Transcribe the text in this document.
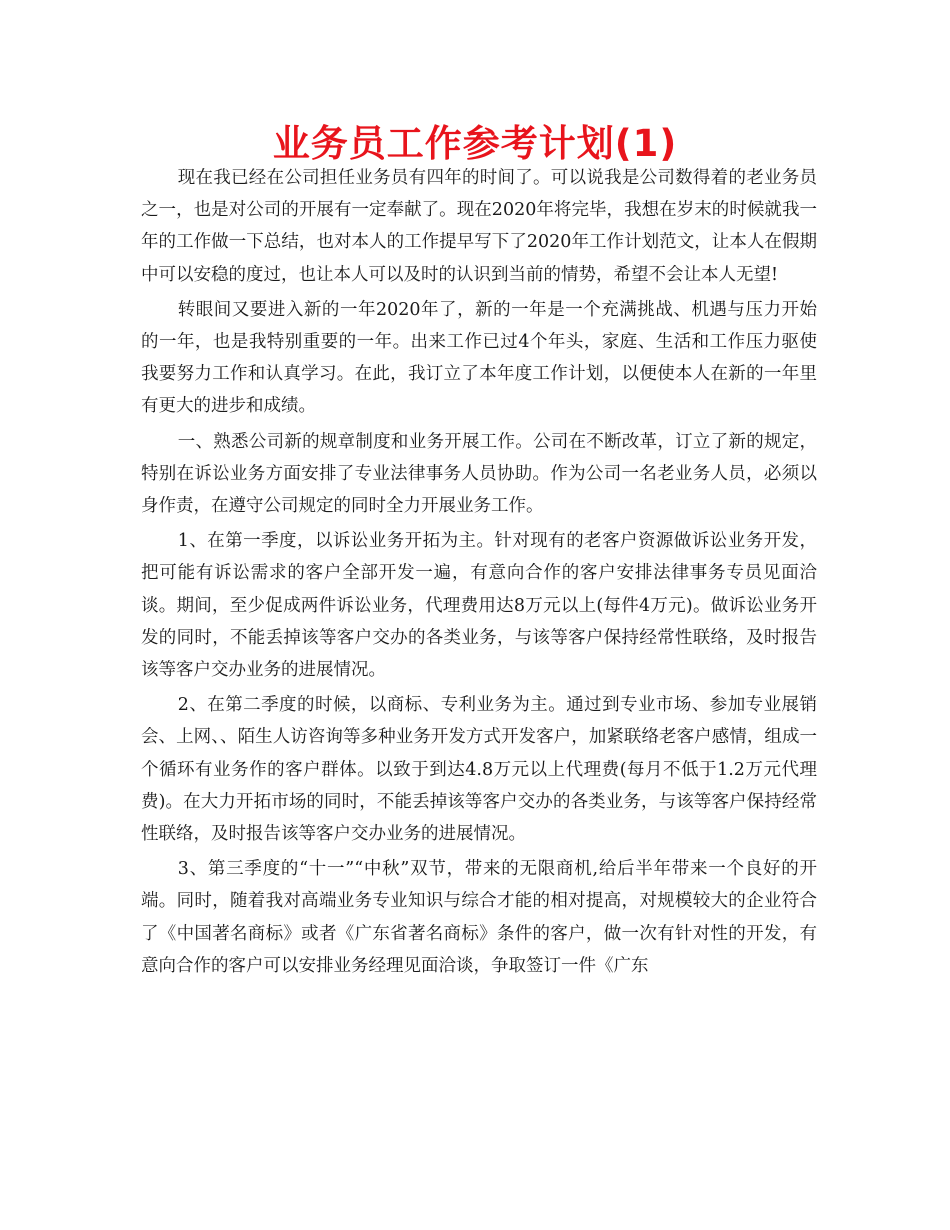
业务员工作参考计划(1)

现在我已经在公司担任业务员有四年的时间了。可以说我是公司数得着的老业务员之一，也是对公司的开展有一定奉献了。现在2020年将完毕，我想在岁末的时候就我一年的工作做一下总结，也对本人的工作提早写下了2020年工作计划范文，让本人在假期中可以安稳的度过，也让本人可以及时的认识到当前的情势，希望不会让本人无望!

转眼间又要进入新的一年2020年了，新的一年是一个充满挑战、机遇与压力开始的一年，也是我特别重要的一年。出来工作已过4个年头，家庭、生活和工作压力驱使我要努力工作和认真学习。在此，我订立了本年度工作计划，以便使本人在新的一年里有更大的进步和成绩。

一、熟悉公司新的规章制度和业务开展工作。公司在不断改革，订立了新的规定，特别在诉讼业务方面安排了专业法律事务人员协助。作为公司一名老业务人员，必须以身作责，在遵守公司规定的同时全力开展业务工作。

1、在第一季度，以诉讼业务开拓为主。针对现有的老客户资源做诉讼业务开发，把可能有诉讼需求的客户全部开发一遍，有意向合作的客户安排法律事务专员见面洽谈。期间，至少促成两件诉讼业务，代理费用达8万元以上(每件4万元)。做诉讼业务开发的同时，不能丢掉该等客户交办的各类业务，与该等客户保持经常性联络，及时报告该等客户交办业务的进展情况。

2、在第二季度的时候，以商标、专利业务为主。通过到专业市场、参加专业展销会、上网、、陌生人访咨询等多种业务开发方式开发客户，加紧联络老客户感情，组成一个循环有业务作的客户群体。以致于到达4.8万元以上代理费(每月不低于1.2万元代理费)。在大力开拓市场的同时，不能丢掉该等客户交办的各类业务，与该等客户保持经常性联络，及时报告该等客户交办业务的进展情况。

3、第三季度的“十一”“中秋”双节，带来的无限商机,给后半年带来一个良好的开端。同时，随着我对高端业务专业知识与综合才能的相对提高，对规模较大的企业符合了《中国著名商标》或者《广东省著名商标》条件的客户，做一次有针对性的开发，有意向合作的客户可以安排业务经理见面洽谈，争取签订一件《广东
